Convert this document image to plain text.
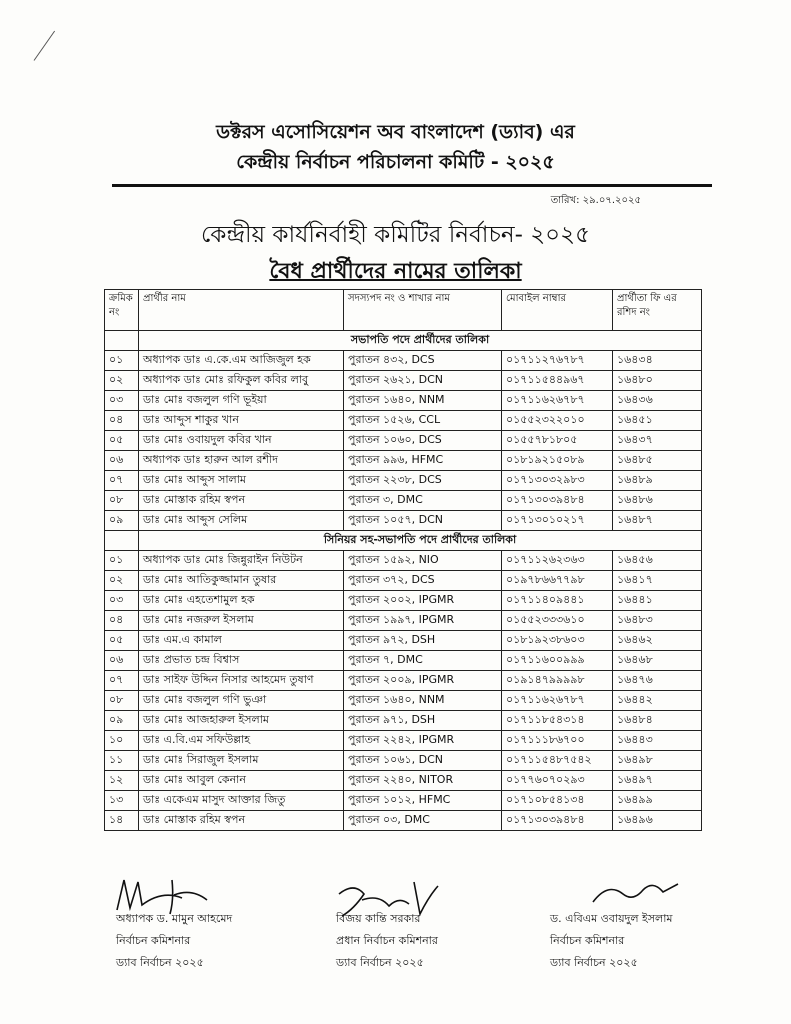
ডক্টরস এসোসিয়েশন অব বাংলাদেশ (ড্যাব) এর
কেন্দ্রীয় নির্বাচন পরিচালনা কমিটি - ২০২৫
তারিখ: ২৯.০৭.২০২৫
কেন্দ্রীয় কার্যনির্বাহী কমিটির নির্বাচন- ২০২৫
বৈধ প্রার্থীদের নামের তালিকা
ক্রমিক নং	প্রার্থীর নাম	সদস্যপদ নং ও শাখার নাম	মোবাইল নাম্বার	প্রার্থীতা ফি এর রশিদ নং
	সভাপতি পদে প্রার্থীদের তালিকা			
০১	অধ্যাপক ডাঃ এ.কে.এম আজিজুল হক	পুরাতন ৪৩২, DCS	০১৭১১২৭৬৭৮৭	১৬৪৩৪
০২	অধ্যাপক ডাঃ মোঃ রফিকুল কবির লাবু	পুরাতন ২৬২১, DCN	০১৭১১৫৪৪৯৬৭	১৬৪৮০
০৩	ডাঃ মোঃ বজলুল গণি ভূইয়া	পুরাতন ১৬৪০, NNM	০১৭১১৬২৬৭৮৭	১৬৪৩৬
০৪	ডাঃ আব্দুস শাকুর খান	পুরাতন ১৫২৬, CCL	০১৫৫২৩২২০১০	১৬৪৫১
০৫	ডাঃ মোঃ ওবায়দুল কবির খান	পুরাতন ১০৬০, DCS	০১৫৫৭৮১৮০৫	১৬৪৩৭
০৬	অধ্যাপক ডাঃ হারুন আল রশীদ	পুরাতন ৯৯৬, HFMC	০১৮১৯২১৫০৮৯	১৬৪৮৫
০৭	ডাঃ মোঃ আব্দুস সালাম	পুরাতন ২২৩৮, DCS	০১৭১৩০৩২৯৮৩	১৬৪৮৯
০৮	ডাঃ মোস্তাক রহিম স্বপন	পুরাতন ৩, DMC	০১৭১৩০৩৯৪৮৪	১৬৪৮৬
০৯	ডাঃ মোঃ আব্দুস সেলিম	পুরাতন ১০৫৭, DCN	০১৭১৩০১০২১৭	১৬৪৮৭
	সিনিয়র সহ-সভাপতি পদে প্রার্থীদের তালিকা			
০১	অধ্যাপক ডাঃ মোঃ জিন্নুরাইন নিউটন	পুরাতন ১৫৯২, NIO	০১৭১১২৬২৩৬৩	১৬৪৫৬
০২	ডাঃ মোঃ আতিকুজ্জামান তুষার	পুরাতন ৩৭২, DCS	০১৯৭৮৬৬৭৭৯৮	১৬৪১৭
০৩	ডাঃ মোঃ এহতেশামুল হক	পুরাতন ২০০২, IPGMR	০১৭১১৪০৯৪৪১	১৬৪৪১
০৪	ডাঃ মোঃ নজরুল ইসলাম	পুরাতন ১৯৯৭, IPGMR	০১৫৫২৩৩৩৬১০	১৬৪৮৩
০৫	ডাঃ এম.এ কামাল	পুরাতন ৯৭২, DSH	০১৮১৯২৩৮৬০৩	১৬৪৬২
০৬	ডাঃ প্রভাত চন্দ্র বিশ্বাস	পুরাতন ৭, DMC	০১৭১১৬০০৯৯৯	১৬৪৬৮
০৭	ডাঃ সাইফ উদ্দিন নিসার আহমেদ তুষাণ	পুরাতন ২০০৯, IPGMR	০১৯১৪৭৯৯৯৯৮	১৬৪৭৬
০৮	ডাঃ মোঃ বজলুল গণি ভুঞা	পুরাতন ১৬৪০, NNM	০১৭১১৬২৬৭৮৭	১৬৪৪২
০৯	ডাঃ মোঃ আজহারুল ইসলাম	পুরাতন ৯৭১, DSH	০১৭১১৮৫৪৩১৪	১৬৪৮৪
১০	ডাঃ এ.বি.এম সফিউল্লাহ	পুরাতন ২২৪২, IPGMR	০১৭১১১৮৬৭০০	১৬৪৪৩
১১	ডাঃ মোঃ সিরাজুল ইসলাম	পুরাতন ১০৬১, DCN	০১৭১১৫৪৮৭৫৪২	১৬৪৯৮
১২	ডাঃ মোঃ আবুল কেনান	পুরাতন ২২৪০, NITOR	০১৭৭৬০৭০২৯৩	১৬৪৯৭
১৩	ডাঃ একেএম মাসুদ আক্তার জিতু	পুরাতন ১০১২, HFMC	০১৭১০৮৫৪১৩৪	১৬৪৯৯
১৪	ডাঃ মোস্তাক রহিম স্বপন	পুরাতন ০৩, DMC	০১৭১৩০৩৯৪৮৪	১৬৪৯৬
অধ্যাপক ড. মামুন আহমেদ
নির্বাচন কমিশনার
ড্যাব নির্বাচন ২০২৫
বিজয় কান্তি সরকার
প্রধান নির্বাচন কমিশনার
ড্যাব নির্বাচন ২০২৫
ড. এবিএম ওবায়দুল ইসলাম
নির্বাচন কমিশনার
ড্যাব নির্বাচন ২০২৫
